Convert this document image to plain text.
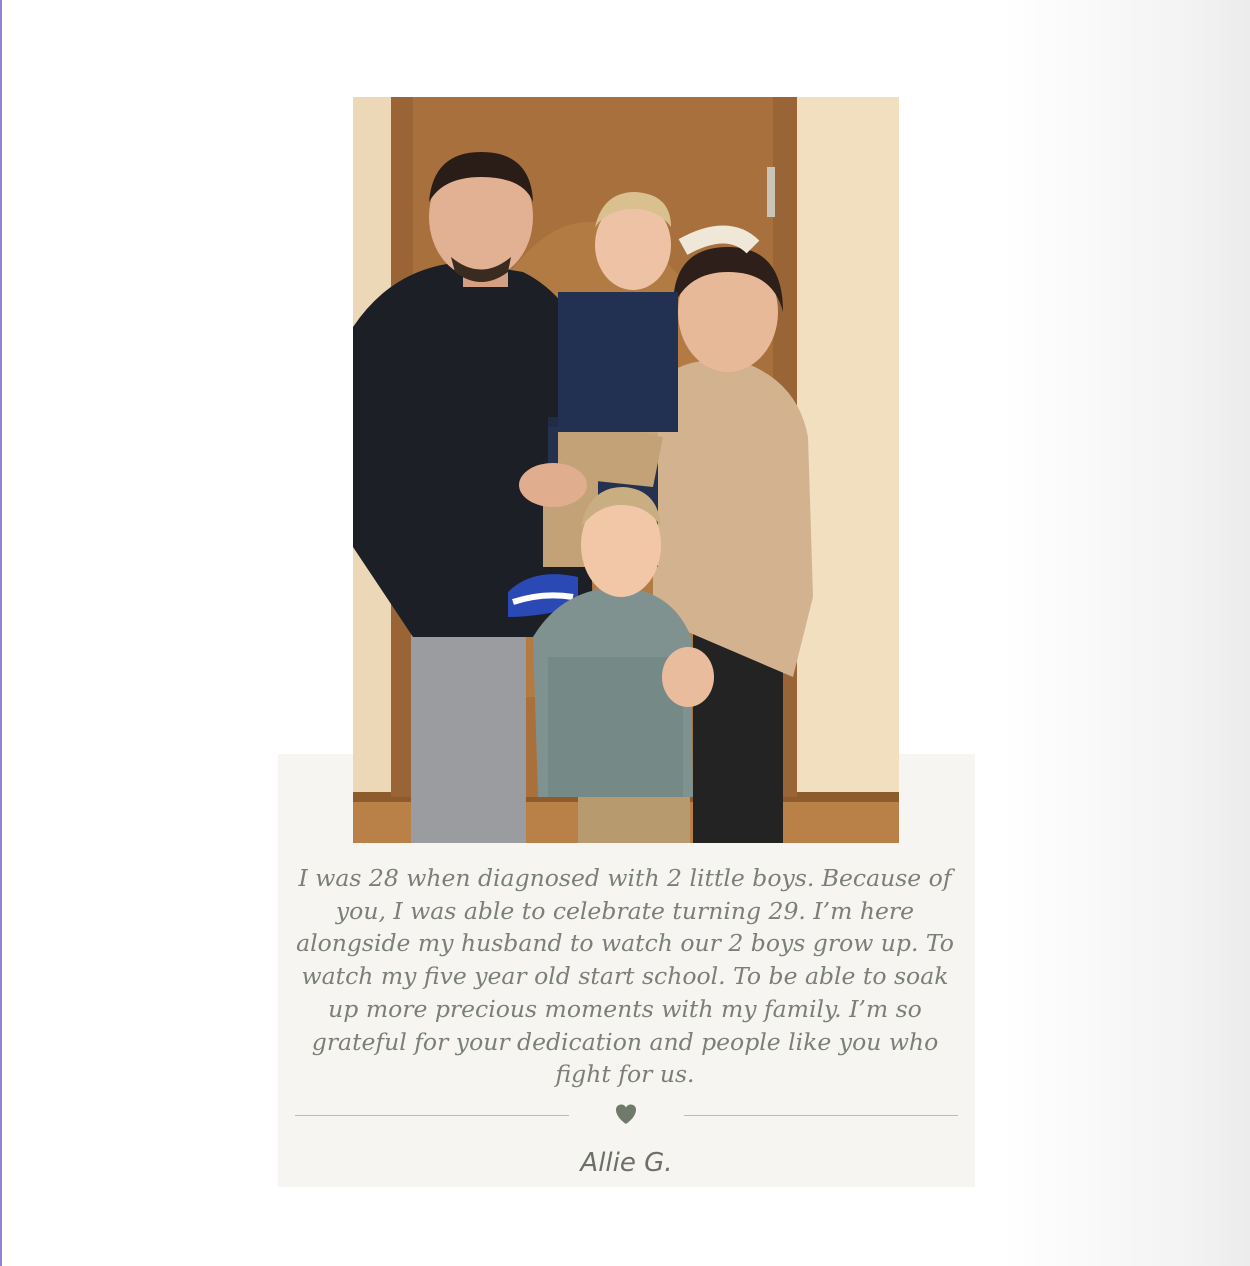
I was 28 when diagnosed with 2 little boys. Because of you, I was able to celebrate turning 29. I’m here alongside my husband to watch our 2 boys grow up. To watch my five year old start school. To be able to soak up more precious moments with my family. I’m so grateful for your dedication and people like you who fight for us.

Allie G.
